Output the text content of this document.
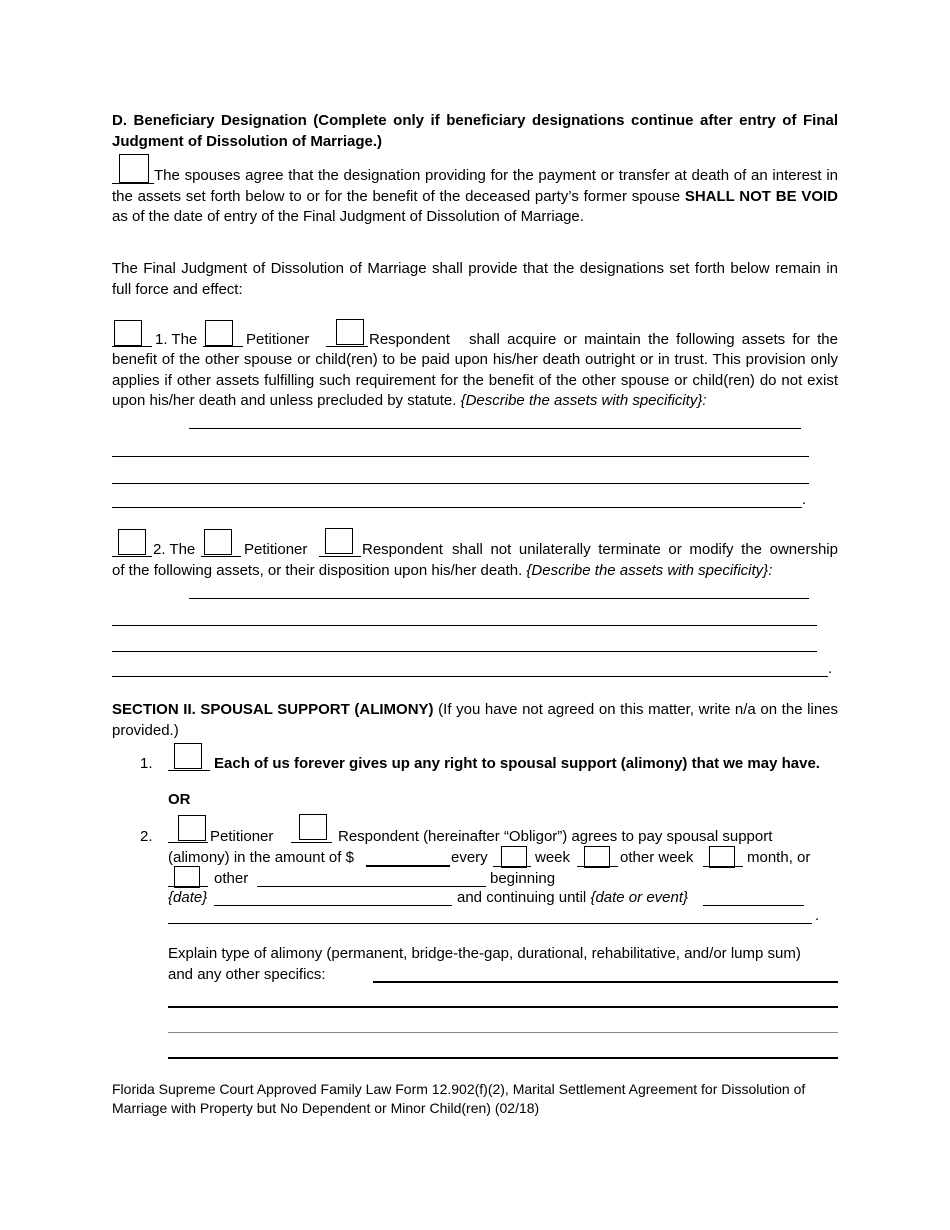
D. Beneficiary Designation (Complete only if beneficiary designations continue after entry of Final Judgment of Dissolution of Marriage.)
The spouses agree that the designation providing for the payment or transfer at death of an interest in the assets set forth below to or for the benefit of the deceased party’s former spouse SHALL NOT BE VOID as of the date of entry of the Final Judgment of Dissolution of Marriage.
The Final Judgment of Dissolution of Marriage shall provide that the designations set forth below remain in full force and effect:
1. The	Petitioner	Respondent shall acquire or maintain the following assets for the
benefit of the other spouse or child(ren) to be paid upon his/her death outright or in trust. This provision only applies if other assets fulfilling such requirement for the benefit of the other spouse or child(ren) do not exist upon his/her death and unless precluded by statute. {Describe the assets with specificity}:
.
2. The	Petitioner	Respondent shall not unilaterally terminate or modify the ownership
of the following assets, or their disposition upon his/her death. {Describe the assets with specificity}:
.
SECTION II. SPOUSAL SUPPORT (ALIMONY) (If you have not agreed on this matter, write n/a on the lines provided.)
1.	Each of us forever gives up any right to spousal support (alimony) that we may have.
OR
2.	Petitioner	Respondent (hereinafter “Obligor”) agrees to pay spousal support
(alimony) in the amount of $	every	week	other week	month, or
other	beginning
{date}	and continuing until {date or event}
.
Explain type of alimony (permanent, bridge-the-gap, durational, rehabilitative, and/or lump sum) and any other specifics:
Florida Supreme Court Approved Family Law Form 12.902(f)(2), Marital Settlement Agreement for Dissolution of Marriage with Property but No Dependent or Minor Child(ren) (02/18)
